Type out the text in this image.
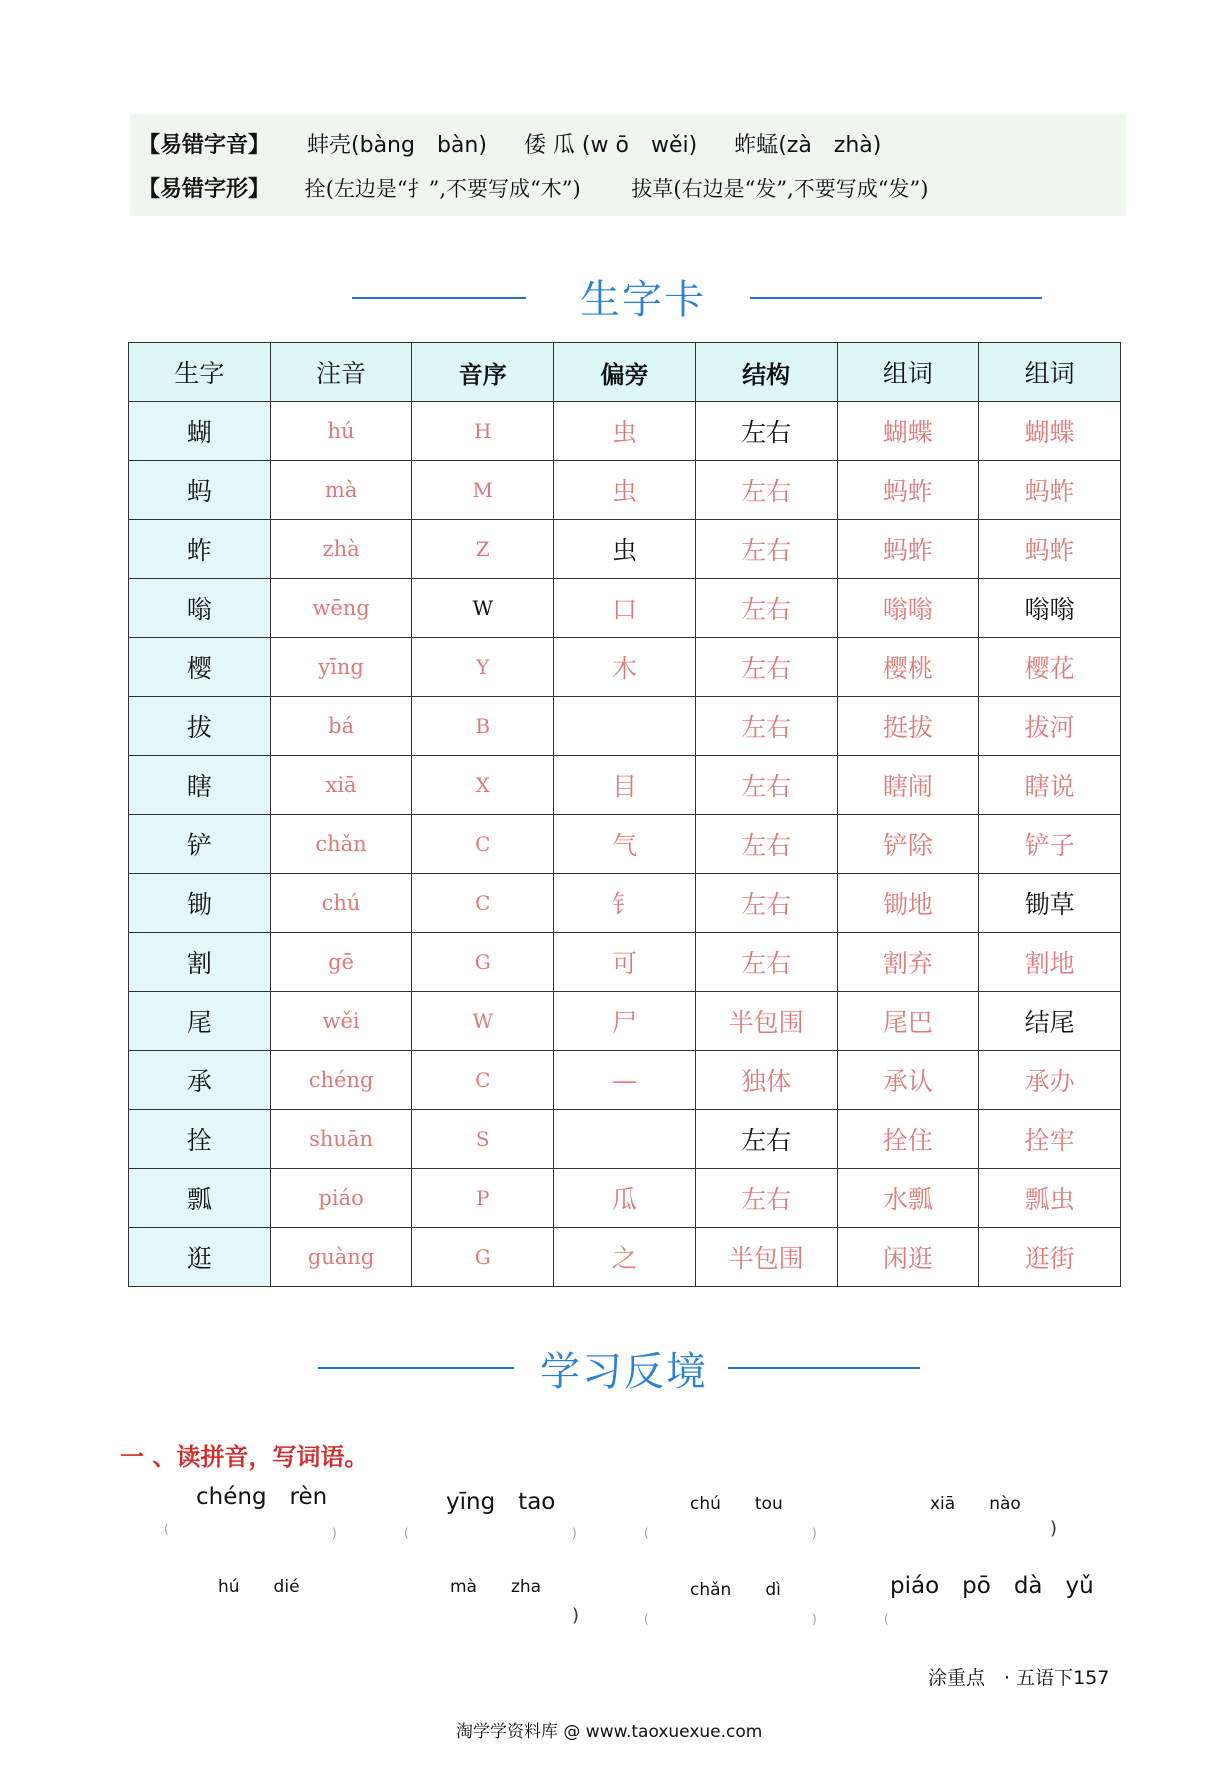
【易错字音】 蚌壳(bàng　bàn) 倭 瓜 (w ō　wěi) 蚱蜢(zà　zhà)
【易错字形】 拴(左边是“扌”,不要写成“木”) 拔草(右边是“发”,不要写成“发”)
生字卡
生字	注音	音序	偏旁	结构	组词	组词
蝴	hú	H	虫	左右	蝴蝶	蝴蝶
蚂	mà	M	虫	左右	蚂蚱	蚂蚱
蚱	zhà	Z	虫	左右	蚂蚱	蚂蚱
嗡	wēng	W	口	左右	嗡嗡	嗡嗡
樱	yīng	Y	木	左右	樱桃	樱花
拔	bá	B		左右	挺拔	拔河
瞎	xiā	X	目	左右	瞎闹	瞎说
铲	chǎn	C	气	左右	铲除	铲子
锄	chú	C	钅	左右	锄地	锄草
割	gē	G	可	左右	割弃	割地
尾	wěi	W	尸	半包围	尾巴	结尾
承	chéng	C	—	独体	承认	承办
拴	shuān	S		左右	拴住	拴牢
瓢	piáo	P	瓜	左右	水瓢	瓢虫
逛	guàng	G	之	半包围	闲逛	逛街
学习反境
一 、读拼音，写词语。
chéng　rèn	yīng　tao	chú　　tou	xiā　　nào
(	)	(	)	(	)	)
hú　　dié	mà　　zha	chǎn　　dì	piáo　pō　dà　yǔ
)	(	)	(
涂重点　· 五语下157
淘学学资料库 @ www.taoxuexue.com
